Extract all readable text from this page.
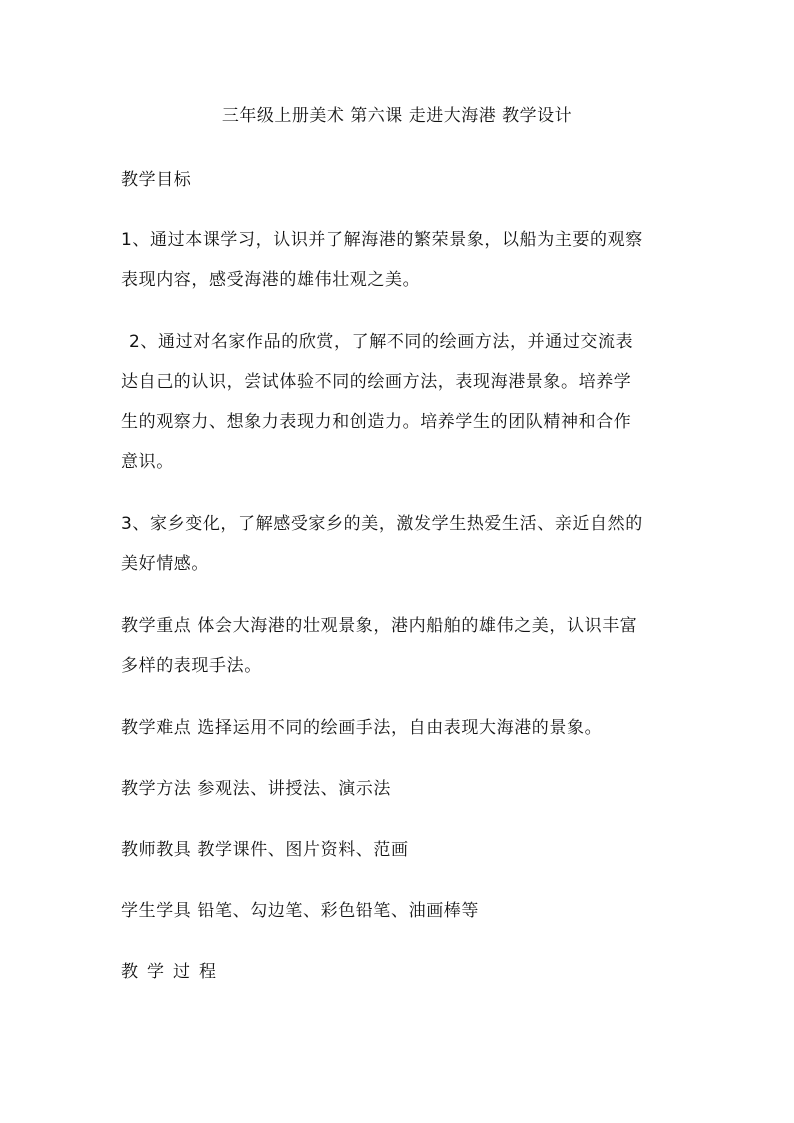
三年级上册美术 第六课 走进大海港 教学设计
教学目标
1、通过本课学习，认识并了解海港的繁荣景象，以船为主要的观察
表现内容，感受海港的雄伟壮观之美。
2、通过对名家作品的欣赏，了解不同的绘画方法，并通过交流表
达自己的认识，尝试体验不同的绘画方法，表现海港景象。培养学
生的观察力、想象力表现力和创造力。培养学生的团队精神和合作
意识。
3、家乡变化，了解感受家乡的美，激发学生热爱生活、亲近自然的
美好情感。
教学重点 体会大海港的壮观景象，港内船舶的雄伟之美，认识丰富
多样的表现手法。
教学难点 选择运用不同的绘画手法，自由表现大海港的景象。
教学方法 参观法、讲授法、演示法
教师教具 教学课件、图片资料、范画
学生学具 铅笔、勾边笔、彩色铅笔、油画棒等
教学过程
